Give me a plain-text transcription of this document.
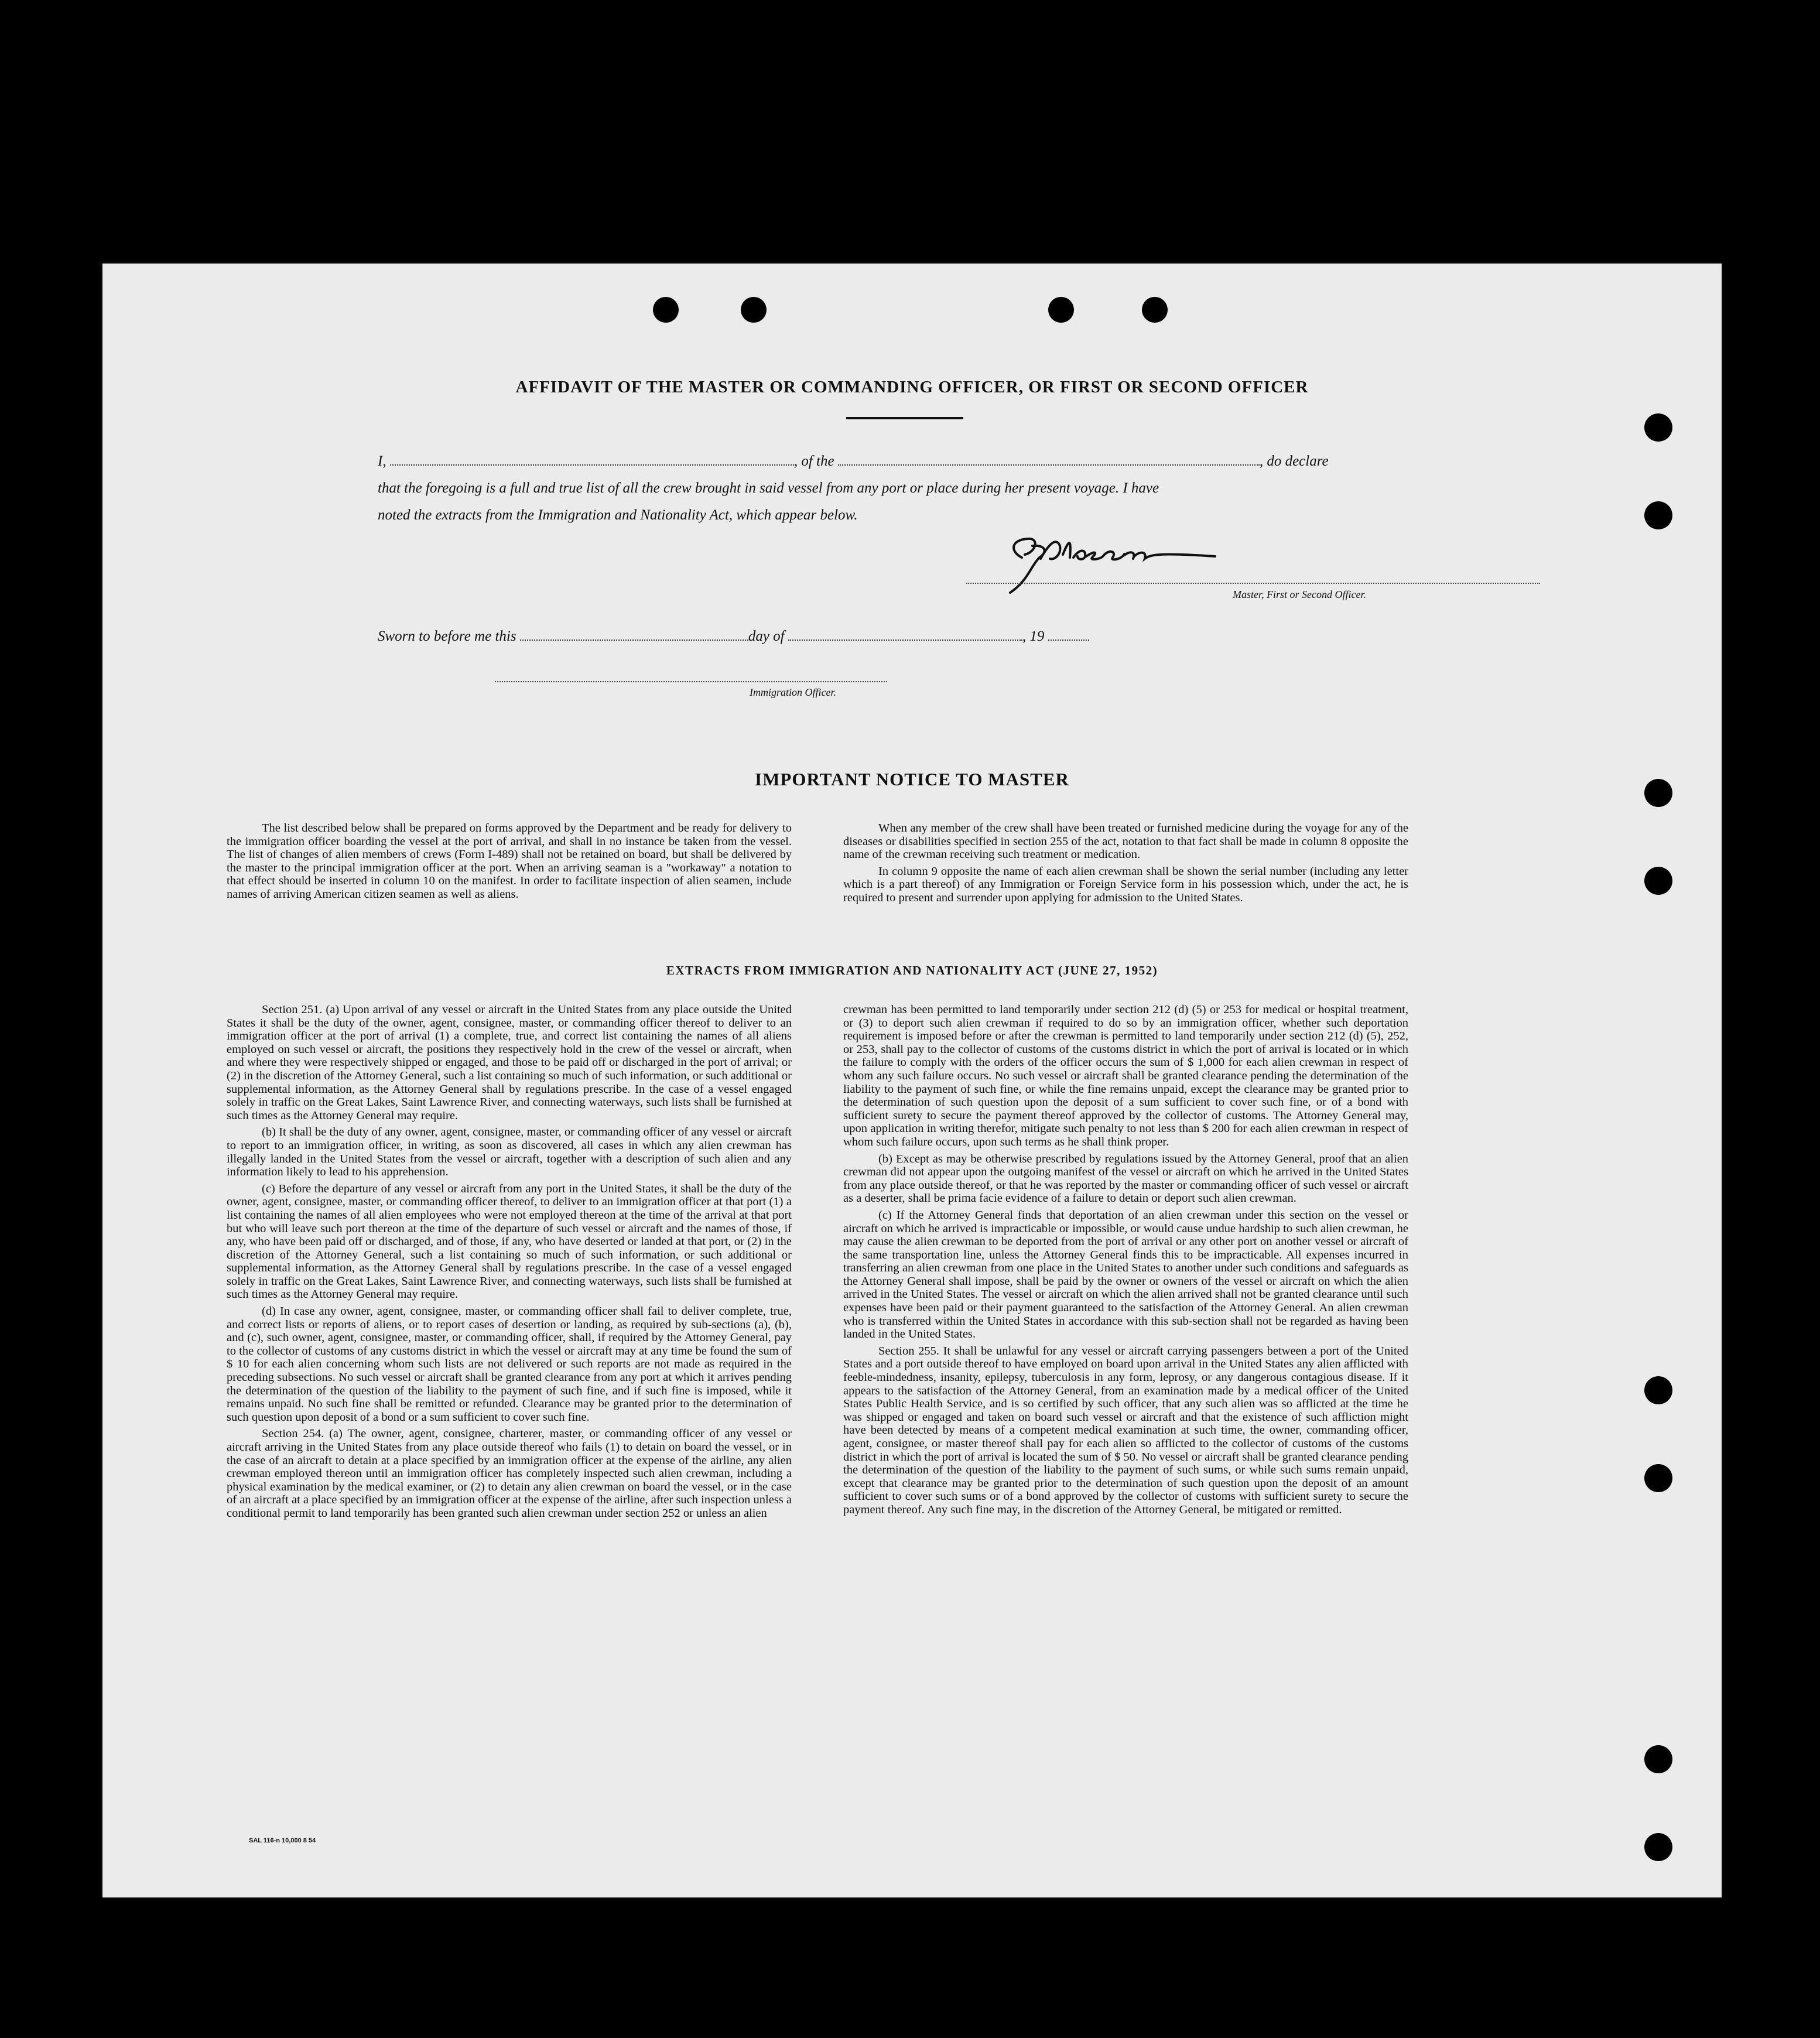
AFFIDAVIT OF THE MASTER OR COMMANDING OFFICER, OR FIRST OR SECOND OFFICER
I,	, of the	, do declare
that the foregoing is a full and true list of all the crew brought in said vessel from any port or place during her present voyage. I have
noted the extracts from the Immigration and Nationality Act, which appear below.
Master, First or Second Officer.
Sworn to before me this	day of	, 19
Immigration Officer.
IMPORTANT NOTICE TO MASTER

The list described below shall be prepared on forms approved by the Department and be ready for delivery to the immigration officer boarding the vessel at the port of arrival, and shall in no instance be taken from the vessel. The list of changes of alien members of crews (Form I-489) shall not be retained on board, but shall be delivered by the master to the principal immigration officer at the port. When an arriving seaman is a "workaway" a notation to that effect should be inserted in column 10 on the manifest. In order to facilitate inspection of alien seamen, include names of arriving American citizen seamen as well as aliens.

When any member of the crew shall have been treated or furnished medicine during the voyage for any of the diseases or disabilities specified in section 255 of the act, notation to that fact shall be made in column 8 opposite the name of the crewman receiving such treatment or medication.

In column 9 opposite the name of each alien crewman shall be shown the serial number (including any letter which is a part thereof) of any Immigration or Foreign Service form in his possession which, under the act, he is required to present and surrender upon applying for admission to the United States.

EXTRACTS FROM IMMIGRATION AND NATIONALITY ACT (JUNE 27, 1952)

Section 251. (a) Upon arrival of any vessel or aircraft in the United States from any place outside the United States it shall be the duty of the owner, agent, consignee, master, or commanding officer thereof to deliver to an immigration officer at the port of arrival (1) a complete, true, and correct list containing the names of all aliens employed on such vessel or aircraft, the positions they respectively hold in the crew of the vessel or aircraft, when and where they were respectively shipped or engaged, and those to be paid off or discharged in the port of arrival; or (2) in the discretion of the Attorney General, such a list containing so much of such information, or such additional or supplemental information, as the Attorney General shall by regulations prescribe. In the case of a vessel engaged solely in traffic on the Great Lakes, Saint Lawrence River, and connecting waterways, such lists shall be furnished at such times as the Attorney General may require.

(b) It shall be the duty of any owner, agent, consignee, master, or commanding officer of any vessel or aircraft to report to an immigration officer, in writing, as soon as discovered, all cases in which any alien crewman has illegally landed in the United States from the vessel or aircraft, together with a description of such alien and any information likely to lead to his apprehension.

(c) Before the departure of any vessel or aircraft from any port in the United States, it shall be the duty of the owner, agent, consignee, master, or commanding officer thereof, to deliver to an immigration officer at that port (1) a list containing the names of all alien employees who were not employed thereon at the time of the arrival at that port but who will leave such port thereon at the time of the departure of such vessel or aircraft and the names of those, if any, who have been paid off or discharged, and of those, if any, who have deserted or landed at that port, or (2) in the discretion of the Attorney General, such a list containing so much of such information, or such additional or supplemental information, as the Attorney General shall by regulations prescribe. In the case of a vessel engaged solely in traffic on the Great Lakes, Saint Lawrence River, and connecting waterways, such lists shall be furnished at such times as the Attorney General may require.

(d) In case any owner, agent, consignee, master, or commanding officer shall fail to deliver complete, true, and correct lists or reports of aliens, or to report cases of desertion or landing, as required by sub-sections (a), (b), and (c), such owner, agent, consignee, master, or commanding officer, shall, if required by the Attorney General, pay to the collector of customs of any customs district in which the vessel or aircraft may at any time be found the sum of $ 10 for each alien concerning whom such lists are not delivered or such reports are not made as required in the preceding subsections. No such vessel or aircraft shall be granted clearance from any port at which it arrives pending the determination of the question of the liability to the payment of such fine, and if such fine is imposed, while it remains unpaid. No such fine shall be remitted or refunded. Clearance may be granted prior to the determination of such question upon deposit of a bond or a sum sufficient to cover such fine.

Section 254. (a) The owner, agent, consignee, charterer, master, or commanding officer of any vessel or aircraft arriving in the United States from any place outside thereof who fails (1) to detain on board the vessel, or in the case of an aircraft to detain at a place specified by an immigration officer at the expense of the airline, any alien crewman employed thereon until an immigration officer has completely inspected such alien crewman, including a physical examination by the medical examiner, or (2) to detain any alien crewman on board the vessel, or in the case of an aircraft at a place specified by an immigration officer at the expense of the airline, after such inspection unless a conditional permit to land temporarily has been granted such alien crewman under section 252 or unless an alien

crewman has been permitted to land temporarily under section 212 (d) (5) or 253 for medical or hospital treatment, or (3) to deport such alien crewman if required to do so by an immigration officer, whether such deportation requirement is imposed before or after the crewman is permitted to land temporarily under section 212 (d) (5), 252, or 253, shall pay to the collector of customs of the customs district in which the port of arrival is located or in which the failure to comply with the orders of the officer occurs the sum of $ 1,000 for each alien crewman in respect of whom any such failure occurs. No such vessel or aircraft shall be granted clearance pending the determination of the liability to the payment of such fine, or while the fine remains unpaid, except the clearance may be granted prior to the determination of such question upon the deposit of a sum sufficient to cover such fine, or of a bond with sufficient surety to secure the payment thereof approved by the collector of customs. The Attorney General may, upon application in writing therefor, mitigate such penalty to not less than $ 200 for each alien crewman in respect of whom such failure occurs, upon such terms as he shall think proper.

(b) Except as may be otherwise prescribed by regulations issued by the Attorney General, proof that an alien crewman did not appear upon the outgoing manifest of the vessel or aircraft on which he arrived in the United States from any place outside thereof, or that he was reported by the master or commanding officer of such vessel or aircraft as a deserter, shall be prima facie evidence of a failure to detain or deport such alien crewman.

(c) If the Attorney General finds that deportation of an alien crewman under this section on the vessel or aircraft on which he arrived is impracticable or impossible, or would cause undue hardship to such alien crewman, he may cause the alien crewman to be deported from the port of arrival or any other port on another vessel or aircraft of the same transportation line, unless the Attorney General finds this to be impracticable. All expenses incurred in transferring an alien crewman from one place in the United States to another under such conditions and safeguards as the Attorney General shall impose, shall be paid by the owner or owners of the vessel or aircraft on which the alien arrived in the United States. The vessel or aircraft on which the alien arrived shall not be granted clearance until such expenses have been paid or their payment guaranteed to the satisfaction of the Attorney General. An alien crewman who is transferred within the United States in accordance with this sub-section shall not be regarded as having been landed in the United States.

Section 255. It shall be unlawful for any vessel or aircraft carrying passengers between a port of the United States and a port outside thereof to have employed on board upon arrival in the United States any alien afflicted with feeble-mindedness, insanity, epilepsy, tuberculosis in any form, leprosy, or any dangerous contagious disease. If it appears to the satisfaction of the Attorney General, from an examination made by a medical officer of the United States Public Health Service, and is so certified by such officer, that any such alien was so afflicted at the time he was shipped or engaged and taken on board such vessel or aircraft and that the existence of such affliction might have been detected by means of a competent medical examination at such time, the owner, commanding officer, agent, consignee, or master thereof shall pay for each alien so afflicted to the collector of customs of the customs district in which the port of arrival is located the sum of $ 50. No vessel or aircraft shall be granted clearance pending the determination of the question of the liability to the payment of such sums, or while such sums remain unpaid, except that clearance may be granted prior to the determination of such question upon the deposit of an amount sufficient to cover such sums or of a bond approved by the collector of customs with sufficient surety to secure the payment thereof. Any such fine may, in the discretion of the Attorney General, be mitigated or remitted.

SAL 116-n 10,000 8 54
